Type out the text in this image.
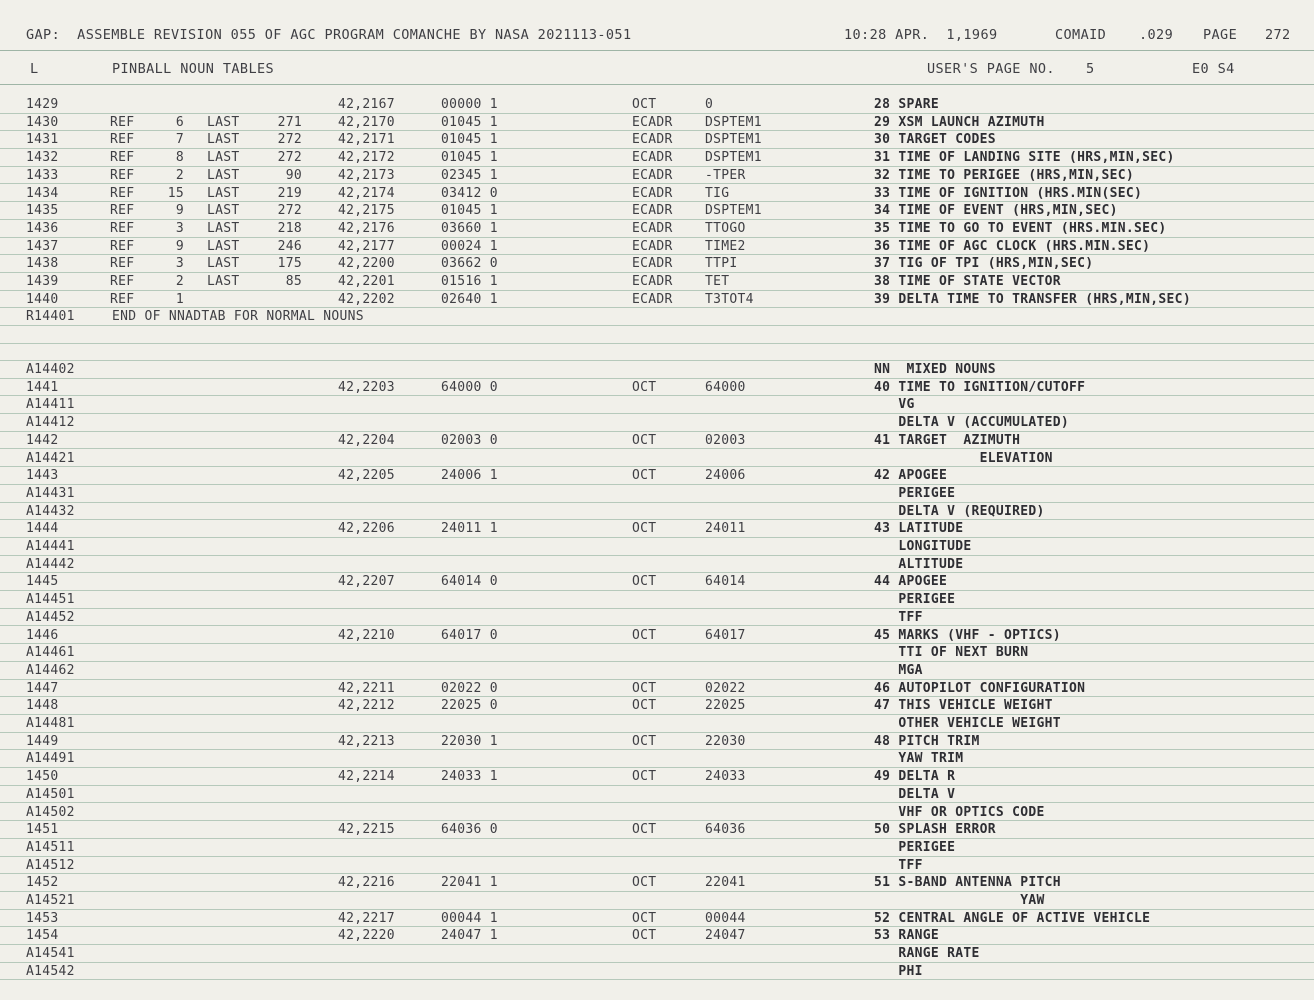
GAP:  ASSEMBLE REVISION 055 OF AGC PROGRAM COMANCHE BY NASA 2021113-051	10:28 APR.  1,1969	COMAID .029 PAGE 272
L	PINBALL NOUN TABLES	USER'S PAGE NO. 5	E0 S4
1429	42,2167	00000 1	OCT	0	28 SPARE
1430	REF	6 LAST	271	42,2170	01045 1	ECADR DSPTEM1	29 XSM LAUNCH AZIMUTH
1431	REF	7 LAST	272	42,2171	01045 1	ECADR DSPTEM1	30 TARGET CODES
1432	REF	8 LAST	272	42,2172	01045 1	ECADR DSPTEM1	31 TIME OF LANDING SITE (HRS,MIN,SEC)
1433	REF	2 LAST	90	42,2173	02345 1	ECADR -TPER	32 TIME TO PERIGEE (HRS,MIN,SEC)
1434	REF	15 LAST	219	42,2174	03412 0	ECADR TIG	33 TIME OF IGNITION (HRS.MIN(SEC)
1435	REF	9 LAST	272	42,2175	01045 1	ECADR DSPTEM1	34 TIME OF EVENT (HRS,MIN,SEC)
1436	REF	3 LAST	218	42,2176	03660 1	ECADR TTOGO	35 TIME TO GO TO EVENT (HRS.MIN.SEC)
1437	REF	9 LAST	246	42,2177	00024 1	ECADR TIME2	36 TIME OF AGC CLOCK (HRS.MIN.SEC)
1438	REF	3 LAST	175	42,2200	03662 0	ECADR TTPI	37 TIG OF TPI (HRS,MIN,SEC)
1439	REF	2 LAST	85	42,2201	01516 1	ECADR TET	38 TIME OF STATE VECTOR
1440	REF	1	42,2202	02640 1	ECADR T3TOT4	39 DELTA TIME TO TRANSFER (HRS,MIN,SEC)
R14401	END OF NNADTAB FOR NORMAL NOUNS
A14402	NN  MIXED NOUNS
1441	42,2203	64000 0	OCT	64000	40 TIME TO IGNITION/CUTOFF
A14411	VG
A14412	DELTA V (ACCUMULATED)
1442	42,2204	02003 0	OCT	02003	41 TARGET  AZIMUTH
A14421	ELEVATION
1443	42,2205	24006 1	OCT	24006	42 APOGEE
A14431	PERIGEE
A14432	DELTA V (REQUIRED)
1444	42,2206	24011 1	OCT	24011	43 LATITUDE
A14441	LONGITUDE
A14442	ALTITUDE
1445	42,2207	64014 0	OCT	64014	44 APOGEE
A14451	PERIGEE
A14452	TFF
1446	42,2210	64017 0	OCT	64017	45 MARKS (VHF - OPTICS)
A14461	TTI OF NEXT BURN
A14462	MGA
1447	42,2211	02022 0	OCT	02022	46 AUTOPILOT CONFIGURATION
1448	42,2212	22025 0	OCT	22025	47 THIS VEHICLE WEIGHT
A14481	OTHER VEHICLE WEIGHT
1449	42,2213	22030 1	OCT	22030	48 PITCH TRIM
A14491	YAW TRIM
1450	42,2214	24033 1	OCT	24033	49 DELTA R
A14501	DELTA V
A14502	VHF OR OPTICS CODE
1451	42,2215	64036 0	OCT	64036	50 SPLASH ERROR
A14511	PERIGEE
A14512	TFF
1452	42,2216	22041 1	OCT	22041	51 S-BAND ANTENNA PITCH
A14521	YAW
1453	42,2217	00044 1	OCT	00044	52 CENTRAL ANGLE OF ACTIVE VEHICLE
1454	42,2220	24047 1	OCT	24047	53 RANGE
A14541	RANGE RATE
A14542	PHI
